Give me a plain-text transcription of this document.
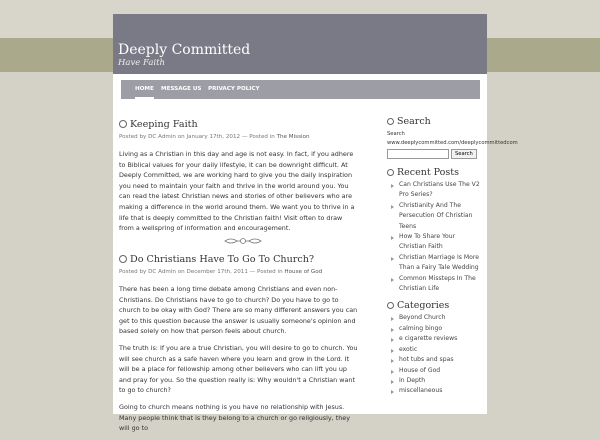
Deeply Committed
Have Faith
HOME MESSAGE US PRIVACY POLICY
Keeping Faith
Posted by DC Admin on January 17th, 2012 — Posted in The Mission

Living as a Christian in this day and age is not easy. In fact, if you adhere to Biblical values for your daily lifestyle, it can be downright difficult. At Deeply Committed, we are working hard to give you the daily inspiration you need to maintain your faith and thrive in the world around you. You can read the latest Christian news and stories of other believers who are making a difference in the world around them. We want you to thrive in a life that is deeply committed to the Christian faith! Visit often to draw from a wellspring of information and encouragement.

Do Christians Have To Go To Church?
Posted by DC Admin on December 17th, 2011 — Posted in House of God

There has been a long time debate among Christians and even non-Christians. Do Christians have to go to church? Do you have to go to church to be okay with God? There are so many different answers you can get to this question because the answer is usually someone's opinion and based solely on how that person feels about church.

The truth is: If you are a true Christian, you will desire to go to church. You will see church as a safe haven where you learn and grow in the Lord. It will be a place for fellowship among other believers who can lift you up and pray for you. So the question really is: Why wouldn't a Christian want to go to church?

Going to church means nothing is you have no relationship with Jesus. Many people think that is they belong to a church or go religiously, they will go to

Search
Search
www.deeplycommitted.com/deeplycommittedcom
Search
Recent Posts
Can Christians Use The V2 Pro Series?
Christianity And The Persecution Of Christian Teens
How To Share Your Christian Faith
Christian Marriage Is More Than a Fairy Tale Wedding
Common Missteps In The Christian Life
Categories
Beyond Church
calming bingo
e cigarette reviews
exotic
hot tubs and spas
House of God
In Depth
miscellaneous
